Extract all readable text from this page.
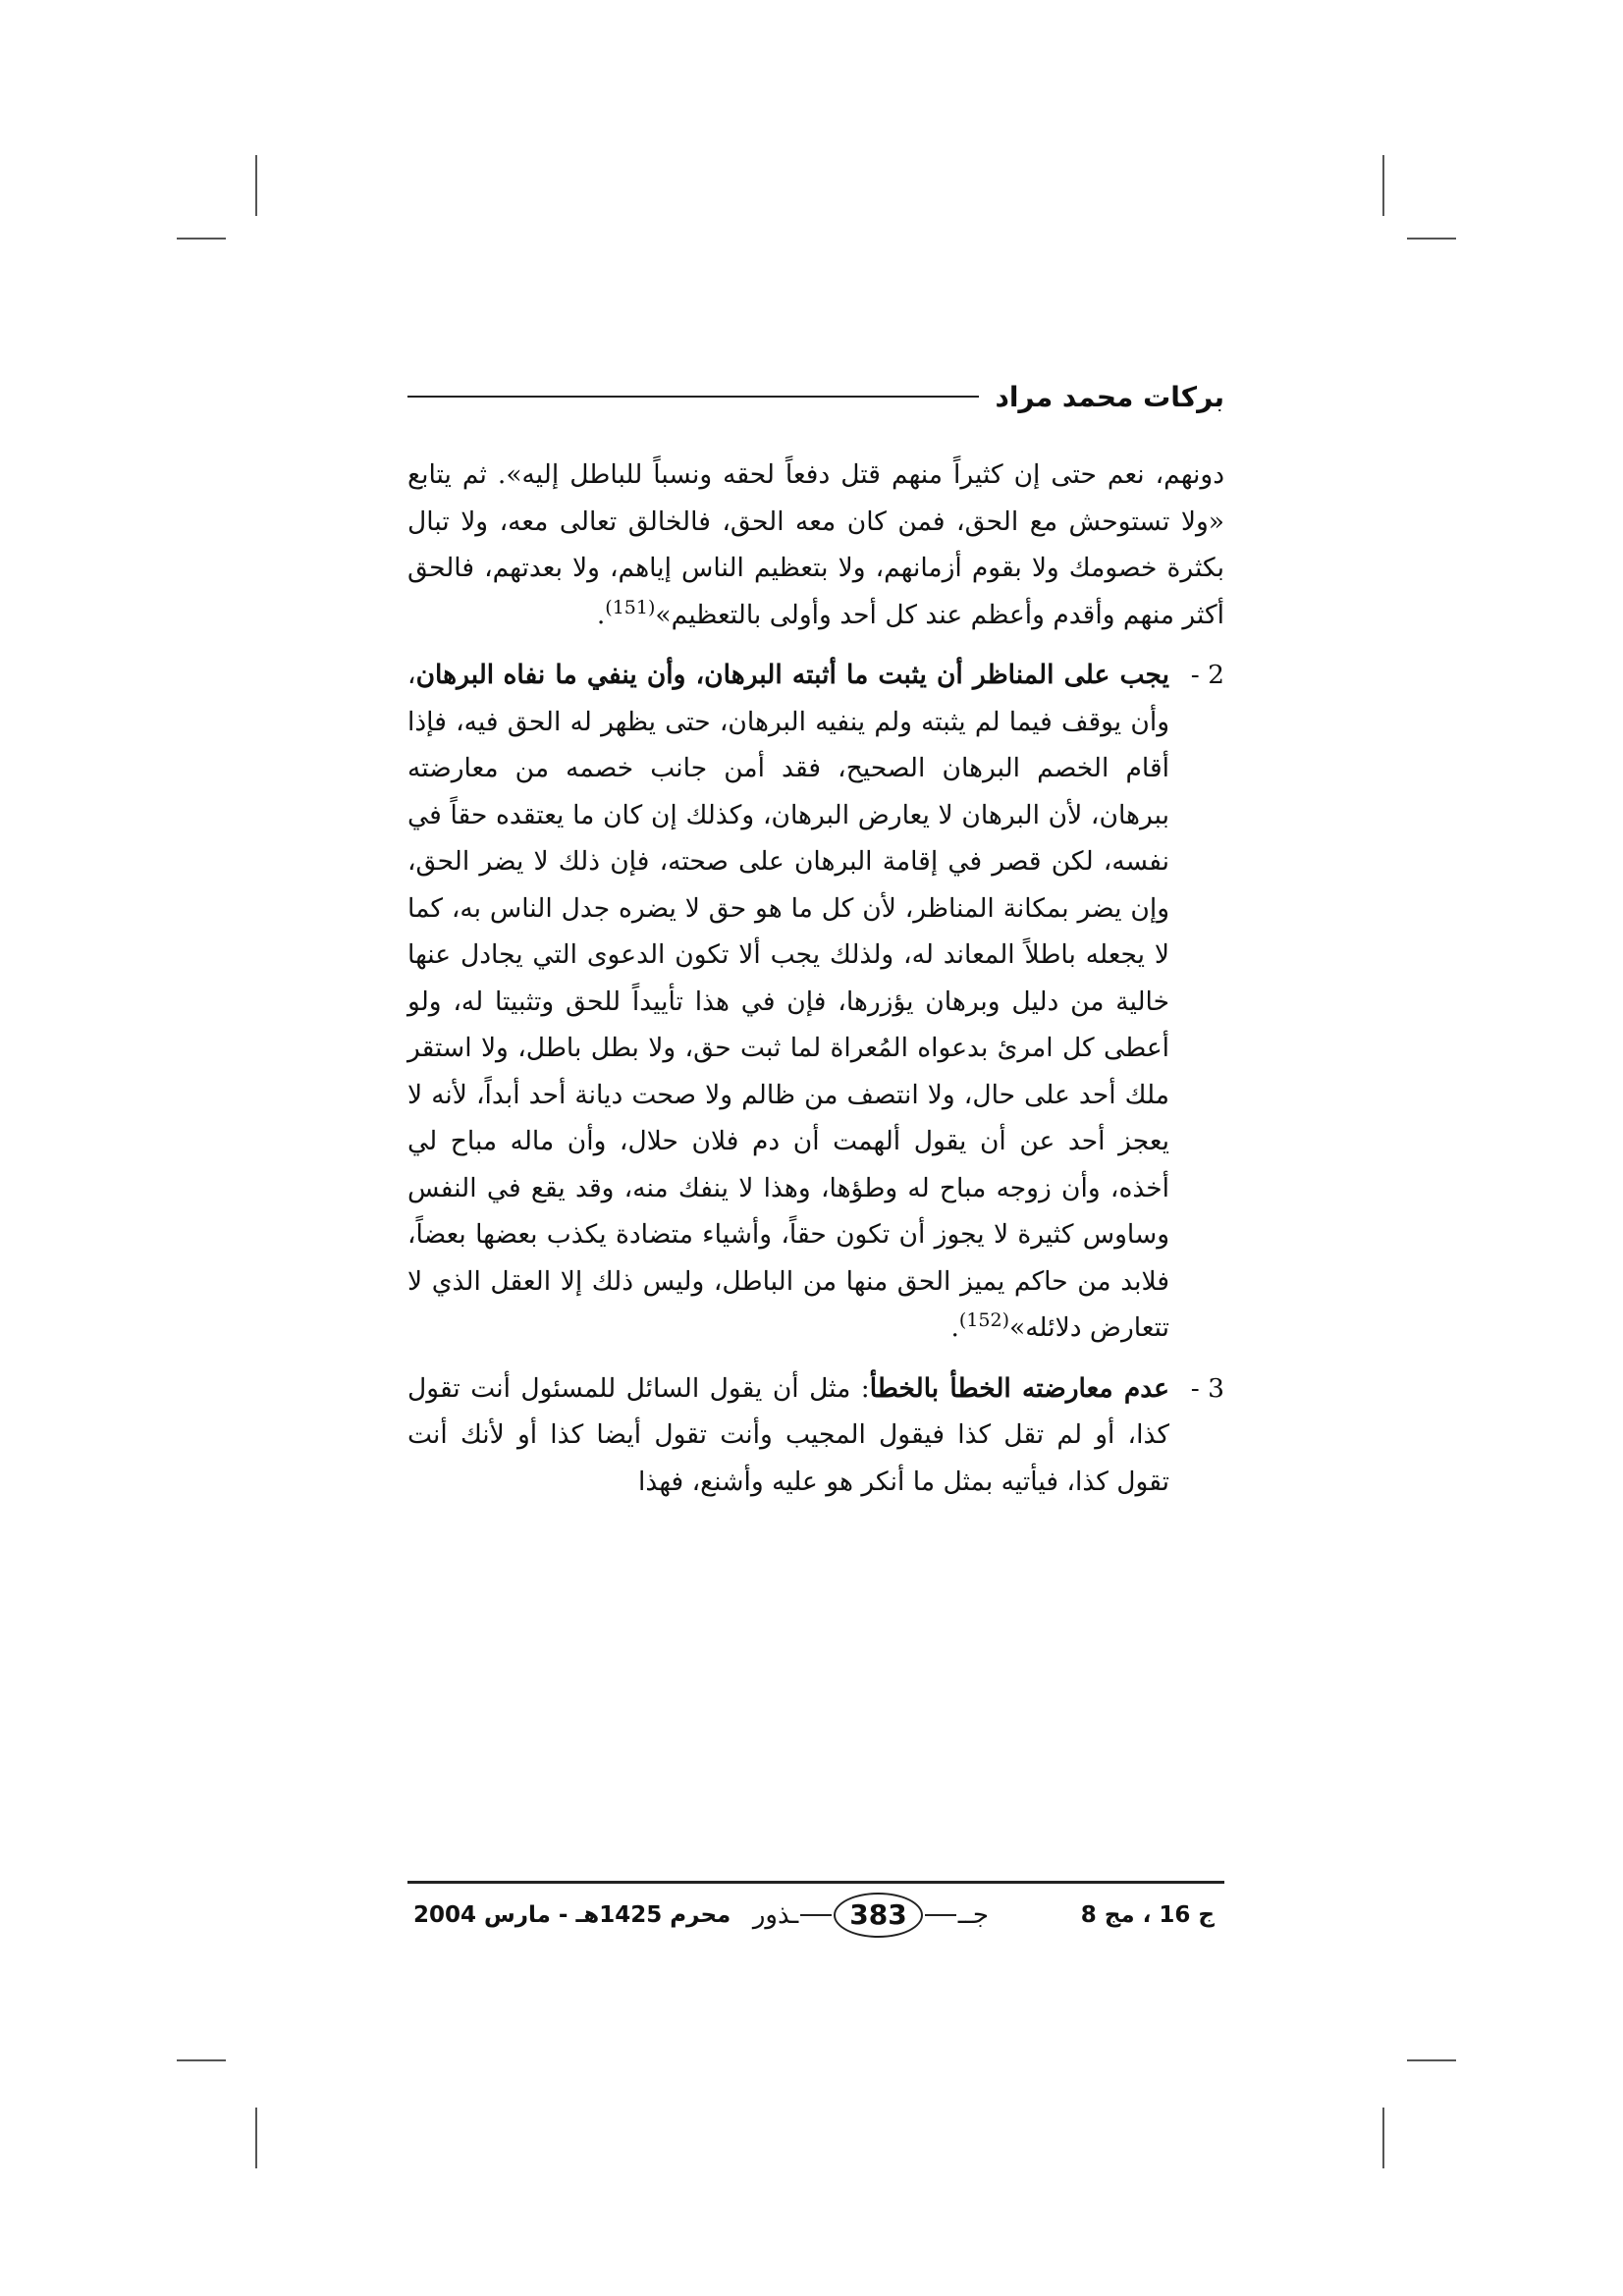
بركات محمد مراد

دونهم، نعم حتى إن كثيراً منهم قتل دفعاً لحقه ونسباً للباطل إليه». ثم يتابع «ولا تستوحش مع الحق، فمن كان معه الحق، فالخالق تعالى معه، ولا تبال بكثرة خصومك ولا بقوم أزمانهم، ولا بتعظيم الناس إياهم، ولا بعدتهم، فالحق أكثر منهم وأقدم وأعظم عند كل أحد وأولى بالتعظيم»$^{(151)}$.

2 -
يجب على المناظر أن يثبت ما أثبته البرهان، وأن ينفي ما نفاه البرهان، وأن يوقف فيما لم يثبته ولم ينفيه البرهان، حتى يظهر له الحق فيه، فإذا أقام الخصم البرهان الصحيح، فقد أمن جانب خصمه من معارضته ببرهان، لأن البرهان لا يعارض البرهان، وكذلك إن كان ما يعتقده حقاً في نفسه، لكن قصر في إقامة البرهان على صحته، فإن ذلك لا يضر الحق، وإن يضر بمكانة المناظر، لأن كل ما هو حق لا يضره جدل الناس به، كما لا يجعله باطلاً المعاند له، ولذلك يجب ألا تكون الدعوى التي يجادل عنها خالية من دليل وبرهان يؤزرها، فإن في هذا تأييداً للحق وتثبيتا له، ولو أعطى كل امرئ بدعواه المُعراة لما ثبت حق، ولا بطل باطل، ولا استقر ملك أحد على حال، ولا انتصف من ظالم ولا صحت ديانة أحد أبداً، لأنه لا يعجز أحد عن أن يقول ألهمت أن دم فلان حلال، وأن ماله مباح لي أخذه، وأن زوجه مباح له وطؤها، وهذا لا ينفك منه، وقد يقع في النفس وساوس كثيرة لا يجوز أن تكون حقاً، وأشياء متضادة يكذب بعضها بعضاً، فلابد من حاكم يميز الحق منها من الباطل، وليس ذلك إلا العقل الذي لا تتعارض دلائله»$^{(152)}$.
3 -
عدم معارضته الخطأ بالخطأ: مثل أن يقول السائل للمسئول أنت تقول كذا، أو لم تقل كذا فيقول المجيب وأنت تقول أيضا كذا أو لأنك أنت تقول كذا، فيأتيه بمثل ما أنكر هو عليه وأشنع، فهذا
ج 16 ، مج 8
جــ
383
ـذور
محرم 1425هـ - مارس 2004
